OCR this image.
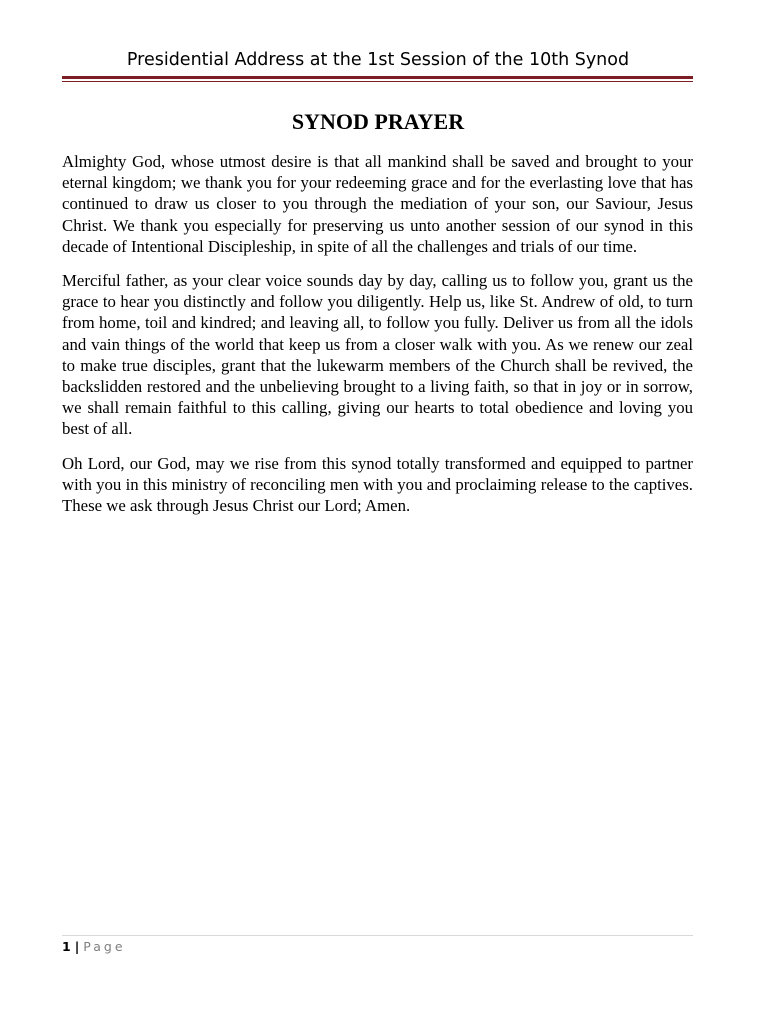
Presidential Address at the 1st Session of the 10th Synod
SYNOD PRAYER

Almighty God, whose utmost desire is that all mankind shall be saved and brought to your eternal kingdom; we thank you for your redeeming grace and for the everlasting love that has continued to draw us closer to you through the mediation of your son, our Saviour, Jesus Christ. We thank you especially for preserving us unto another session of our synod in this decade of Intentional Discipleship, in spite of all the challenges and trials of our time.

Merciful father, as your clear voice sounds day by day, calling us to follow you, grant us the grace to hear you distinctly and follow you diligently. Help us, like St. Andrew of old, to turn from home, toil and kindred; and leaving all, to follow you fully. Deliver us from all the idols and vain things of the world that keep us from a closer walk with you. As we renew our zeal to make true disciples, grant that the lukewarm members of the Church shall be revived, the backslidden restored and the unbelieving brought to a living faith, so that in joy or in sorrow, we shall remain faithful to this calling, giving our hearts to total obedience and loving you best of all.

Oh Lord, our God, may we rise from this synod totally transformed and equipped to partner with you in this ministry of reconciling men with you and proclaiming release to the captives. These we ask through Jesus Christ our Lord; Amen.

1 | Page
